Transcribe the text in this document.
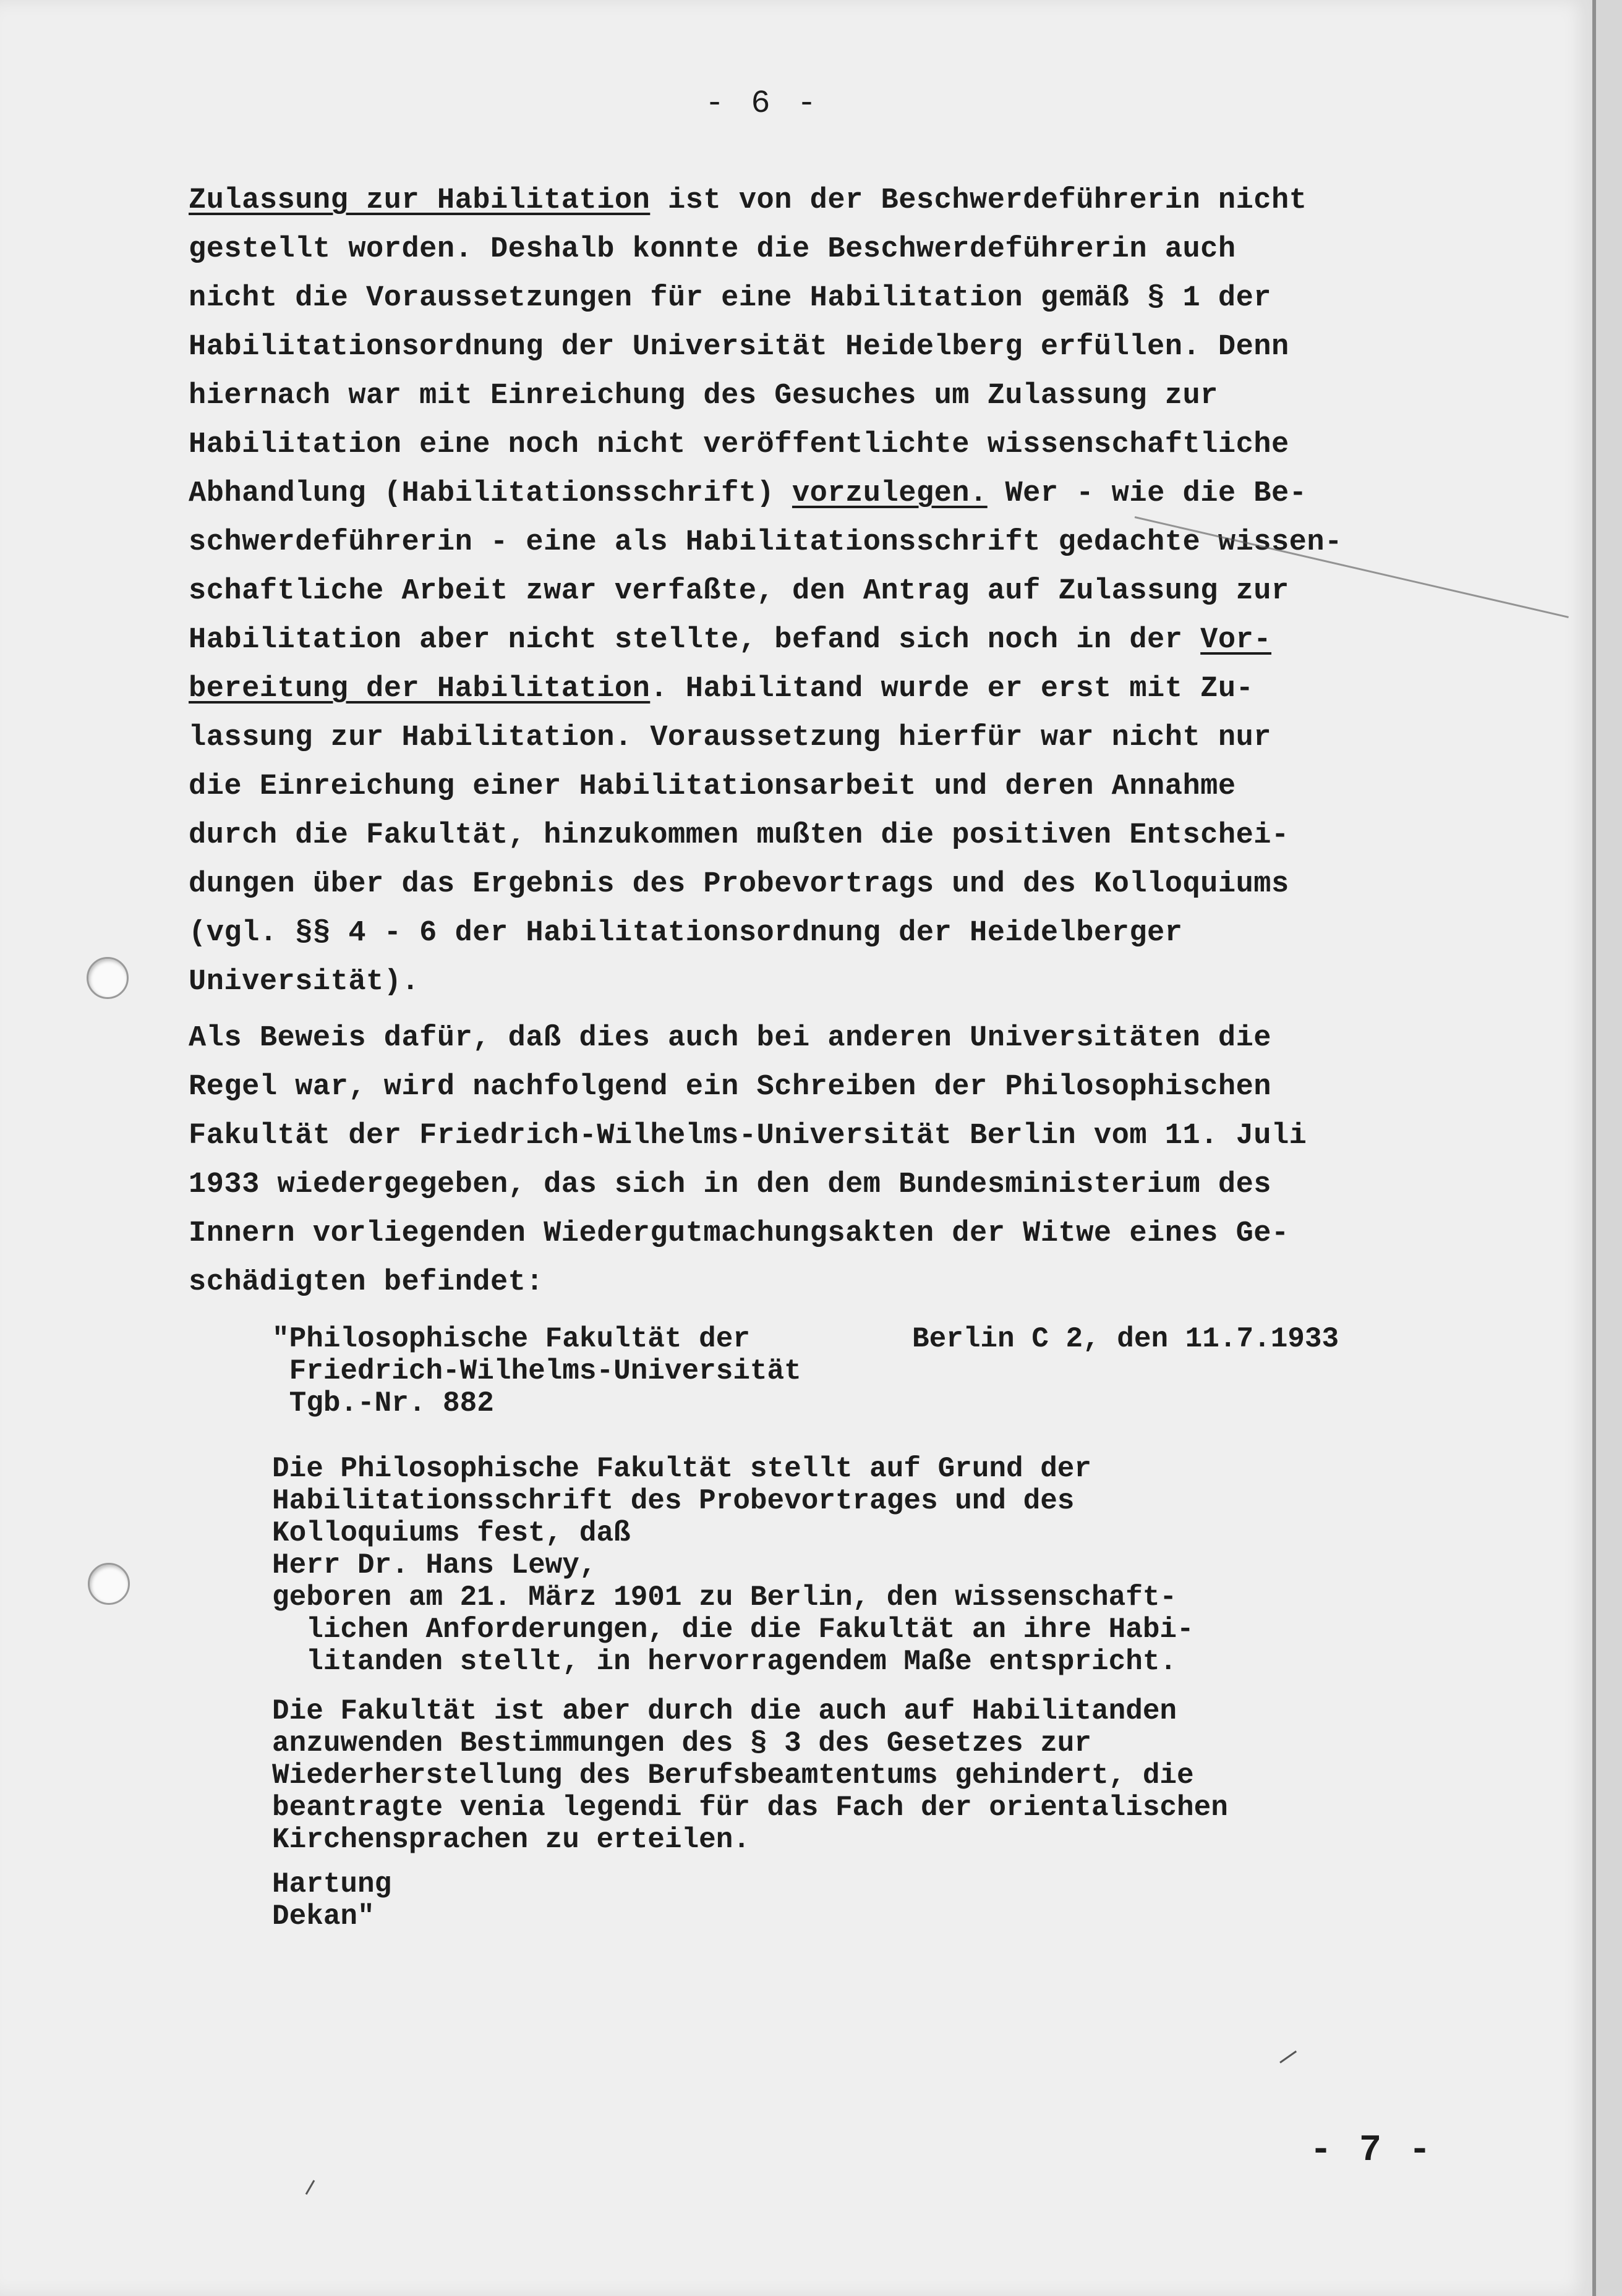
- 6 -
Zulassung zur Habilitation ist von der Beschwerdeführerin nicht
gestellt worden. Deshalb konnte die Beschwerdeführerin auch
nicht die Voraussetzungen für eine Habilitation gemäß § 1 der
Habilitationsordnung der Universität Heidelberg erfüllen. Denn
hiernach war mit Einreichung des Gesuches um Zulassung zur
Habilitation eine noch nicht veröffentlichte wissenschaftliche
Abhandlung (Habilitationsschrift) vorzulegen. Wer - wie die Be-
schwerdeführerin - eine als Habilitationsschrift gedachte wissen-
schaftliche Arbeit zwar verfaßte, den Antrag auf Zulassung zur
Habilitation aber nicht stellte, befand sich noch in der Vor-
bereitung der Habilitation. Habilitand wurde er erst mit Zu-
lassung zur Habilitation. Voraussetzung hierfür war nicht nur
die Einreichung einer Habilitationsarbeit und deren Annahme
durch die Fakultät, hinzukommen mußten die positiven Entschei-
dungen über das Ergebnis des Probevortrags und des Kolloquiums
(vgl. §§ 4 - 6 der Habilitationsordnung der Heidelberger
Universität).
Als Beweis dafür, daß dies auch bei anderen Universitäten die
Regel war, wird nachfolgend ein Schreiben der Philosophischen
Fakultät der Friedrich-Wilhelms-Universität Berlin vom 11. Juli
1933 wiedergegeben, das sich in den dem Bundesministerium des
Innern vorliegenden Wiedergutmachungsakten der Witwe eines Ge-
schädigten befindet:
"Philosophische Fakultät der
Friedrich-Wilhelms-Universität
Tgb.-Nr. 882
Berlin C 2, den 11.7.1933
Die Philosophische Fakultät stellt auf Grund der
Habilitationsschrift des Probevortrages und des
Kolloquiums fest, daß
Herr Dr. Hans Lewy,
geboren am 21. März 1901 zu Berlin, den wissenschaft-
lichen Anforderungen, die die Fakultät an ihre Habi-
litanden stellt, in hervorragendem Maße entspricht.
Die Fakultät ist aber durch die auch auf Habilitanden
anzuwenden Bestimmungen des § 3 des Gesetzes zur
Wiederherstellung des Berufsbeamtentums gehindert, die
beantragte venia legendi für das Fach der orientalischen
Kirchensprachen zu erteilen.
Hartung
Dekan"
- 7 -
